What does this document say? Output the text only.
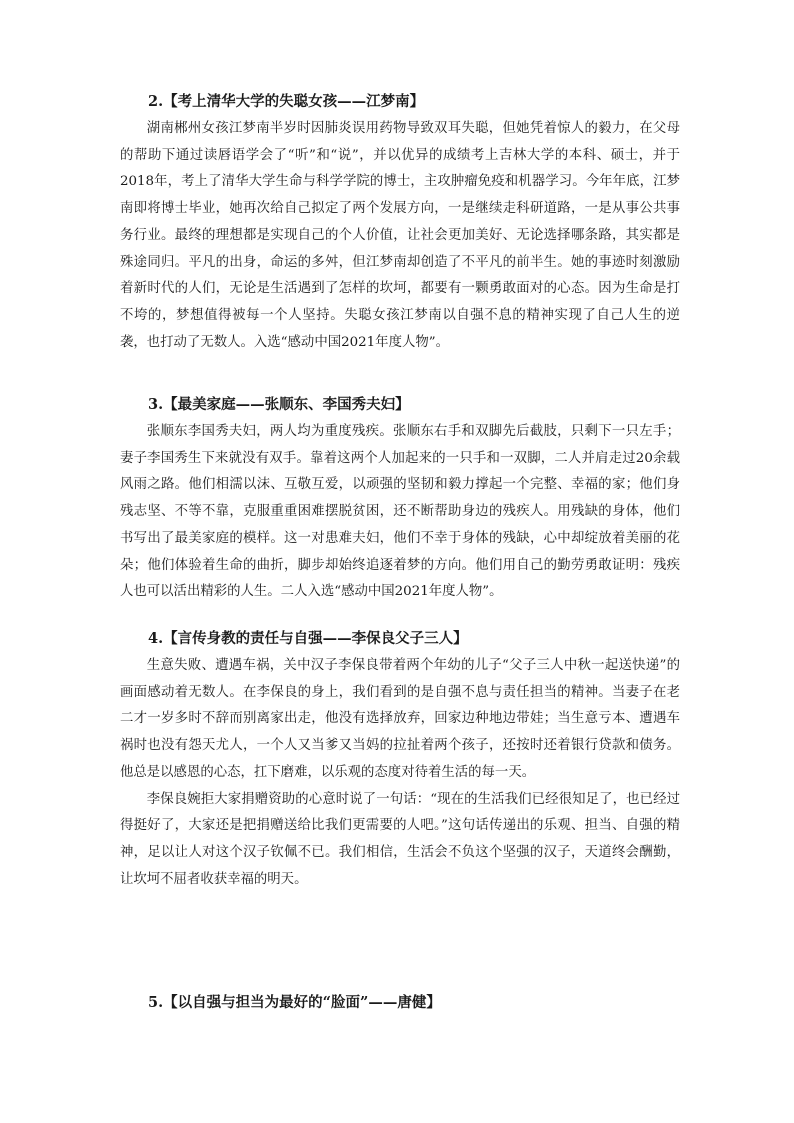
2.【考上清华大学的失聪女孩——江梦南】

湖南郴州女孩江梦南半岁时因肺炎误用药物导致双耳失聪，但她凭着惊人的毅力，在父母的帮助下通过读唇语学会了“听”和“说”，并以优异的成绩考上吉林大学的本科、硕士，并于2018年，考上了清华大学生命与科学学院的博士，主攻肿瘤免疫和机器学习。今年年底，江梦南即将博士毕业，她再次给自己拟定了两个发展方向，一是继续走科研道路，一是从事公共事务行业。最终的理想都是实现自己的个人价值，让社会更加美好、无论选择哪条路，其实都是殊途同归。平凡的出身，命运的多舛，但江梦南却创造了不平凡的前半生。她的事迹时刻激励着新时代的人们，无论是生活遇到了怎样的坎坷，都要有一颗勇敢面对的心态。因为生命是打不垮的，梦想值得被每一个人坚持。失聪女孩江梦南以自强不息的精神实现了自己人生的逆袭，也打动了无数人。入选“感动中国2021年度人物”。

3.【最美家庭——张顺东、李国秀夫妇】

张顺东李国秀夫妇，两人均为重度残疾。张顺东右手和双脚先后截肢，只剩下一只左手；妻子李国秀生下来就没有双手。靠着这两个人加起来的一只手和一双脚，二人并肩走过20余载风雨之路。他们相濡以沫、互敬互爱，以顽强的坚韧和毅力撑起一个完整、幸福的家；他们身残志坚、不等不靠，克服重重困难摆脱贫困，还不断帮助身边的残疾人。用残缺的身体，他们书写出了最美家庭的模样。这一对患难夫妇，他们不幸于身体的残缺，心中却绽放着美丽的花朵；他们体验着生命的曲折，脚步却始终追逐着梦的方向。他们用自己的勤劳勇敢证明：残疾人也可以活出精彩的人生。二人入选“感动中国2021年度人物”。

4.【言传身教的责任与自强——李保良父子三人】

生意失败、遭遇车祸，关中汉子李保良带着两个年幼的儿子“父子三人中秋一起送快递”的画面感动着无数人。在李保良的身上，我们看到的是自强不息与责任担当的精神。当妻子在老二才一岁多时不辞而别离家出走，他没有选择放弃，回家边种地边带娃；当生意亏本、遭遇车祸时也没有怨天尤人，一个人又当爹又当妈的拉扯着两个孩子，还按时还着银行贷款和债务。他总是以感恩的心态，扛下磨难，以乐观的态度对待着生活的每一天。

李保良婉拒大家捐赠资助的心意时说了一句话：“现在的生活我们已经很知足了，也已经过得挺好了，大家还是把捐赠送给比我们更需要的人吧。”这句话传递出的乐观、担当、自强的精神，足以让人对这个汉子钦佩不已。我们相信，生活会不负这个坚强的汉子，天道终会酬勤，让坎坷不屈者收获幸福的明天。

5.【以自强与担当为最好的“脸面”——唐健】
